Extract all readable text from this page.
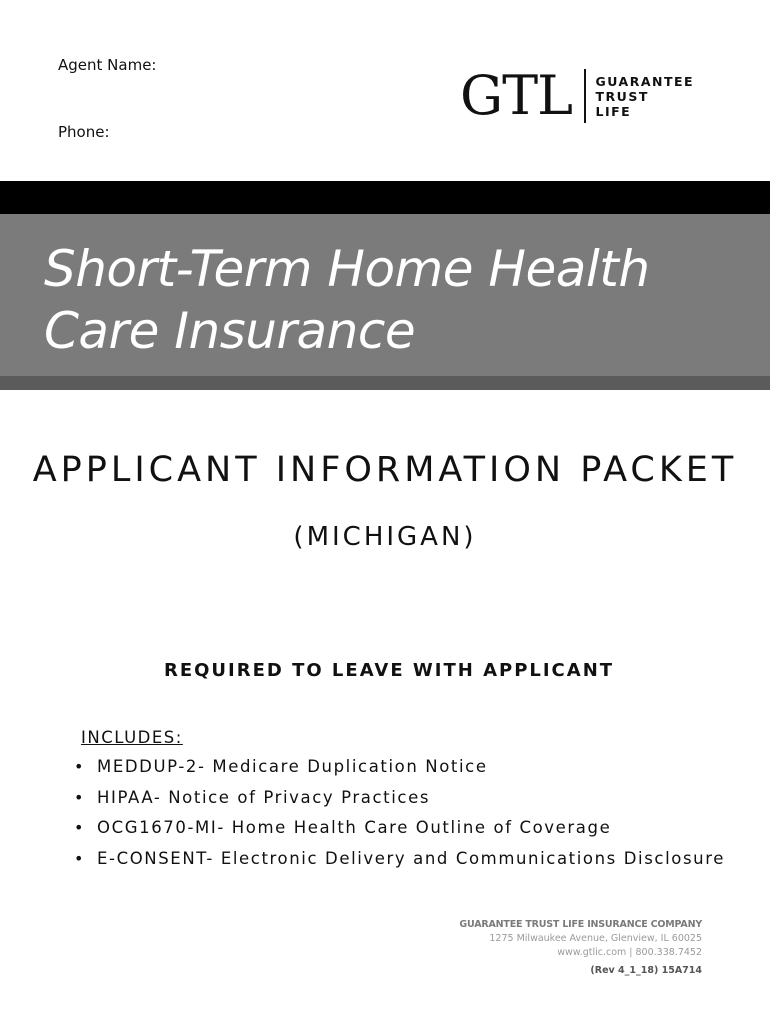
Agent Name:
Phone:
GTL GUARANTEE
TRUST
LIFE
Short-Term Home Health
Care Insurance
APPLICANT INFORMATION PACKET
(MICHIGAN)
REQUIRED TO LEAVE WITH APPLICANT
INCLUDES:
• MEDDUP-2- Medicare Duplication Notice
• HIPAA- Notice of Privacy Practices
• OCG1670-MI- Home Health Care Outline of Coverage
• E-CONSENT- Electronic Delivery and Communications Disclosure
GUARANTEE TRUST LIFE INSURANCE COMPANY
1275 Milwaukee Avenue, Glenview, IL 60025
www.gtlic.com | 800.338.7452
(Rev 4_1_18) 15A714
